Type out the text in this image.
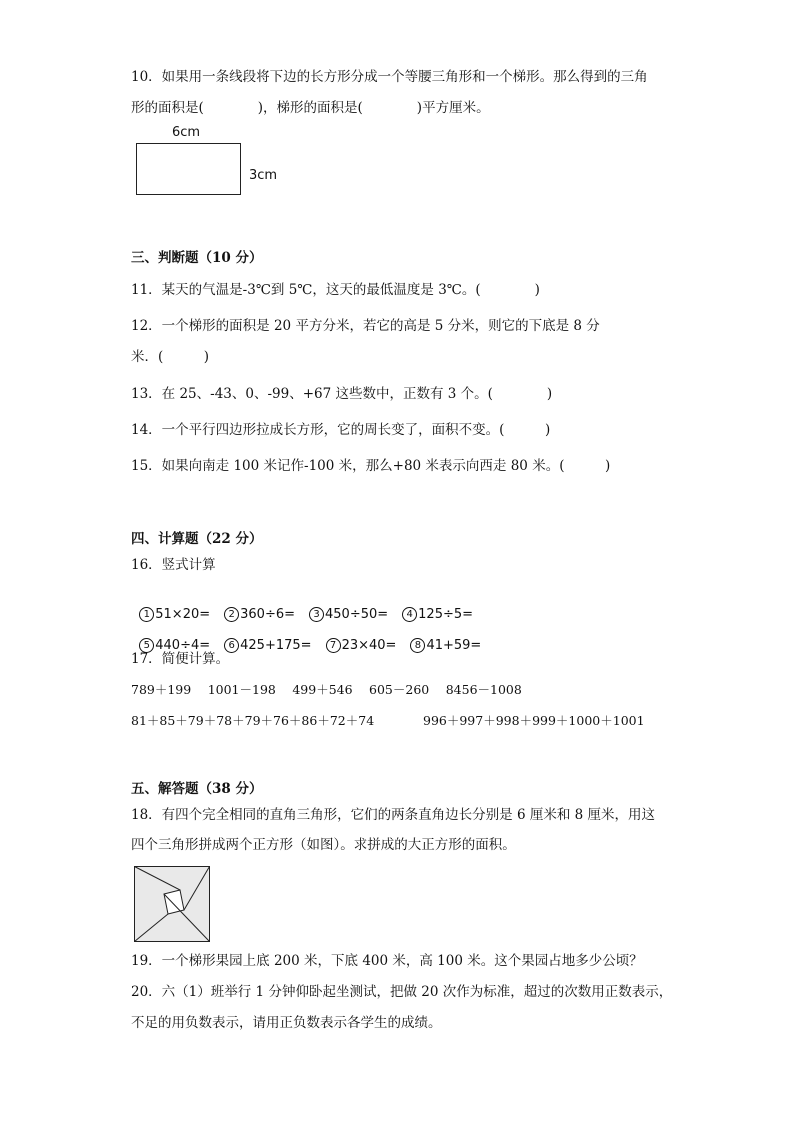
10．如果用一条线段将下边的长方形分成一个等腰三角形和一个梯形。那么得到的三角
形的面积是(　　　　)，梯形的面积是(　　　　)平方厘米。
6cm
3cm
三、判断题（10 分）
11．某天的气温是-3℃到 5℃，这天的最低温度是 3℃。(　　　　)
12．一个梯形的面积是 20 平方分米，若它的高是 5 分米，则它的下底是 8 分
米．(　　　)
13．在 25、-43、0、-99、+67 这些数中，正数有 3 个。(　　　　)
14．一个平行四边形拉成长方形，它的周长变了，面积不变。(　　　)
15．如果向南走 100 米记作-100 米，那么+80 米表示向西走 80 米。(　　　)
四、计算题（22 分）
16．竖式计算

1 51×20= 2 360÷6= 3 450÷50= 4 125÷5=

5 440÷4= 6 425+175= 7 23×40= 8 41+59=

17．简便计算。
789＋199　 1001－198　 499＋546　 605－260　 8456－1008
81＋85＋79＋78＋79＋76＋86＋72＋74	996＋997＋998＋999＋1000＋1001
五、解答题（38 分）
18．有四个完全相同的直角三角形，它们的两条直角边长分别是 6 厘米和 8 厘米，用这
四个三角形拼成两个正方形（如图）。求拼成的大正方形的面积。
19．一个梯形果园上底 200 米，下底 400 米，高 100 米。这个果园占地多少公顷？
20．六（1）班举行 1 分钟仰卧起坐测试，把做 20 次作为标准，超过的次数用正数表示，
不足的用负数表示，请用正负数表示各学生的成绩。
